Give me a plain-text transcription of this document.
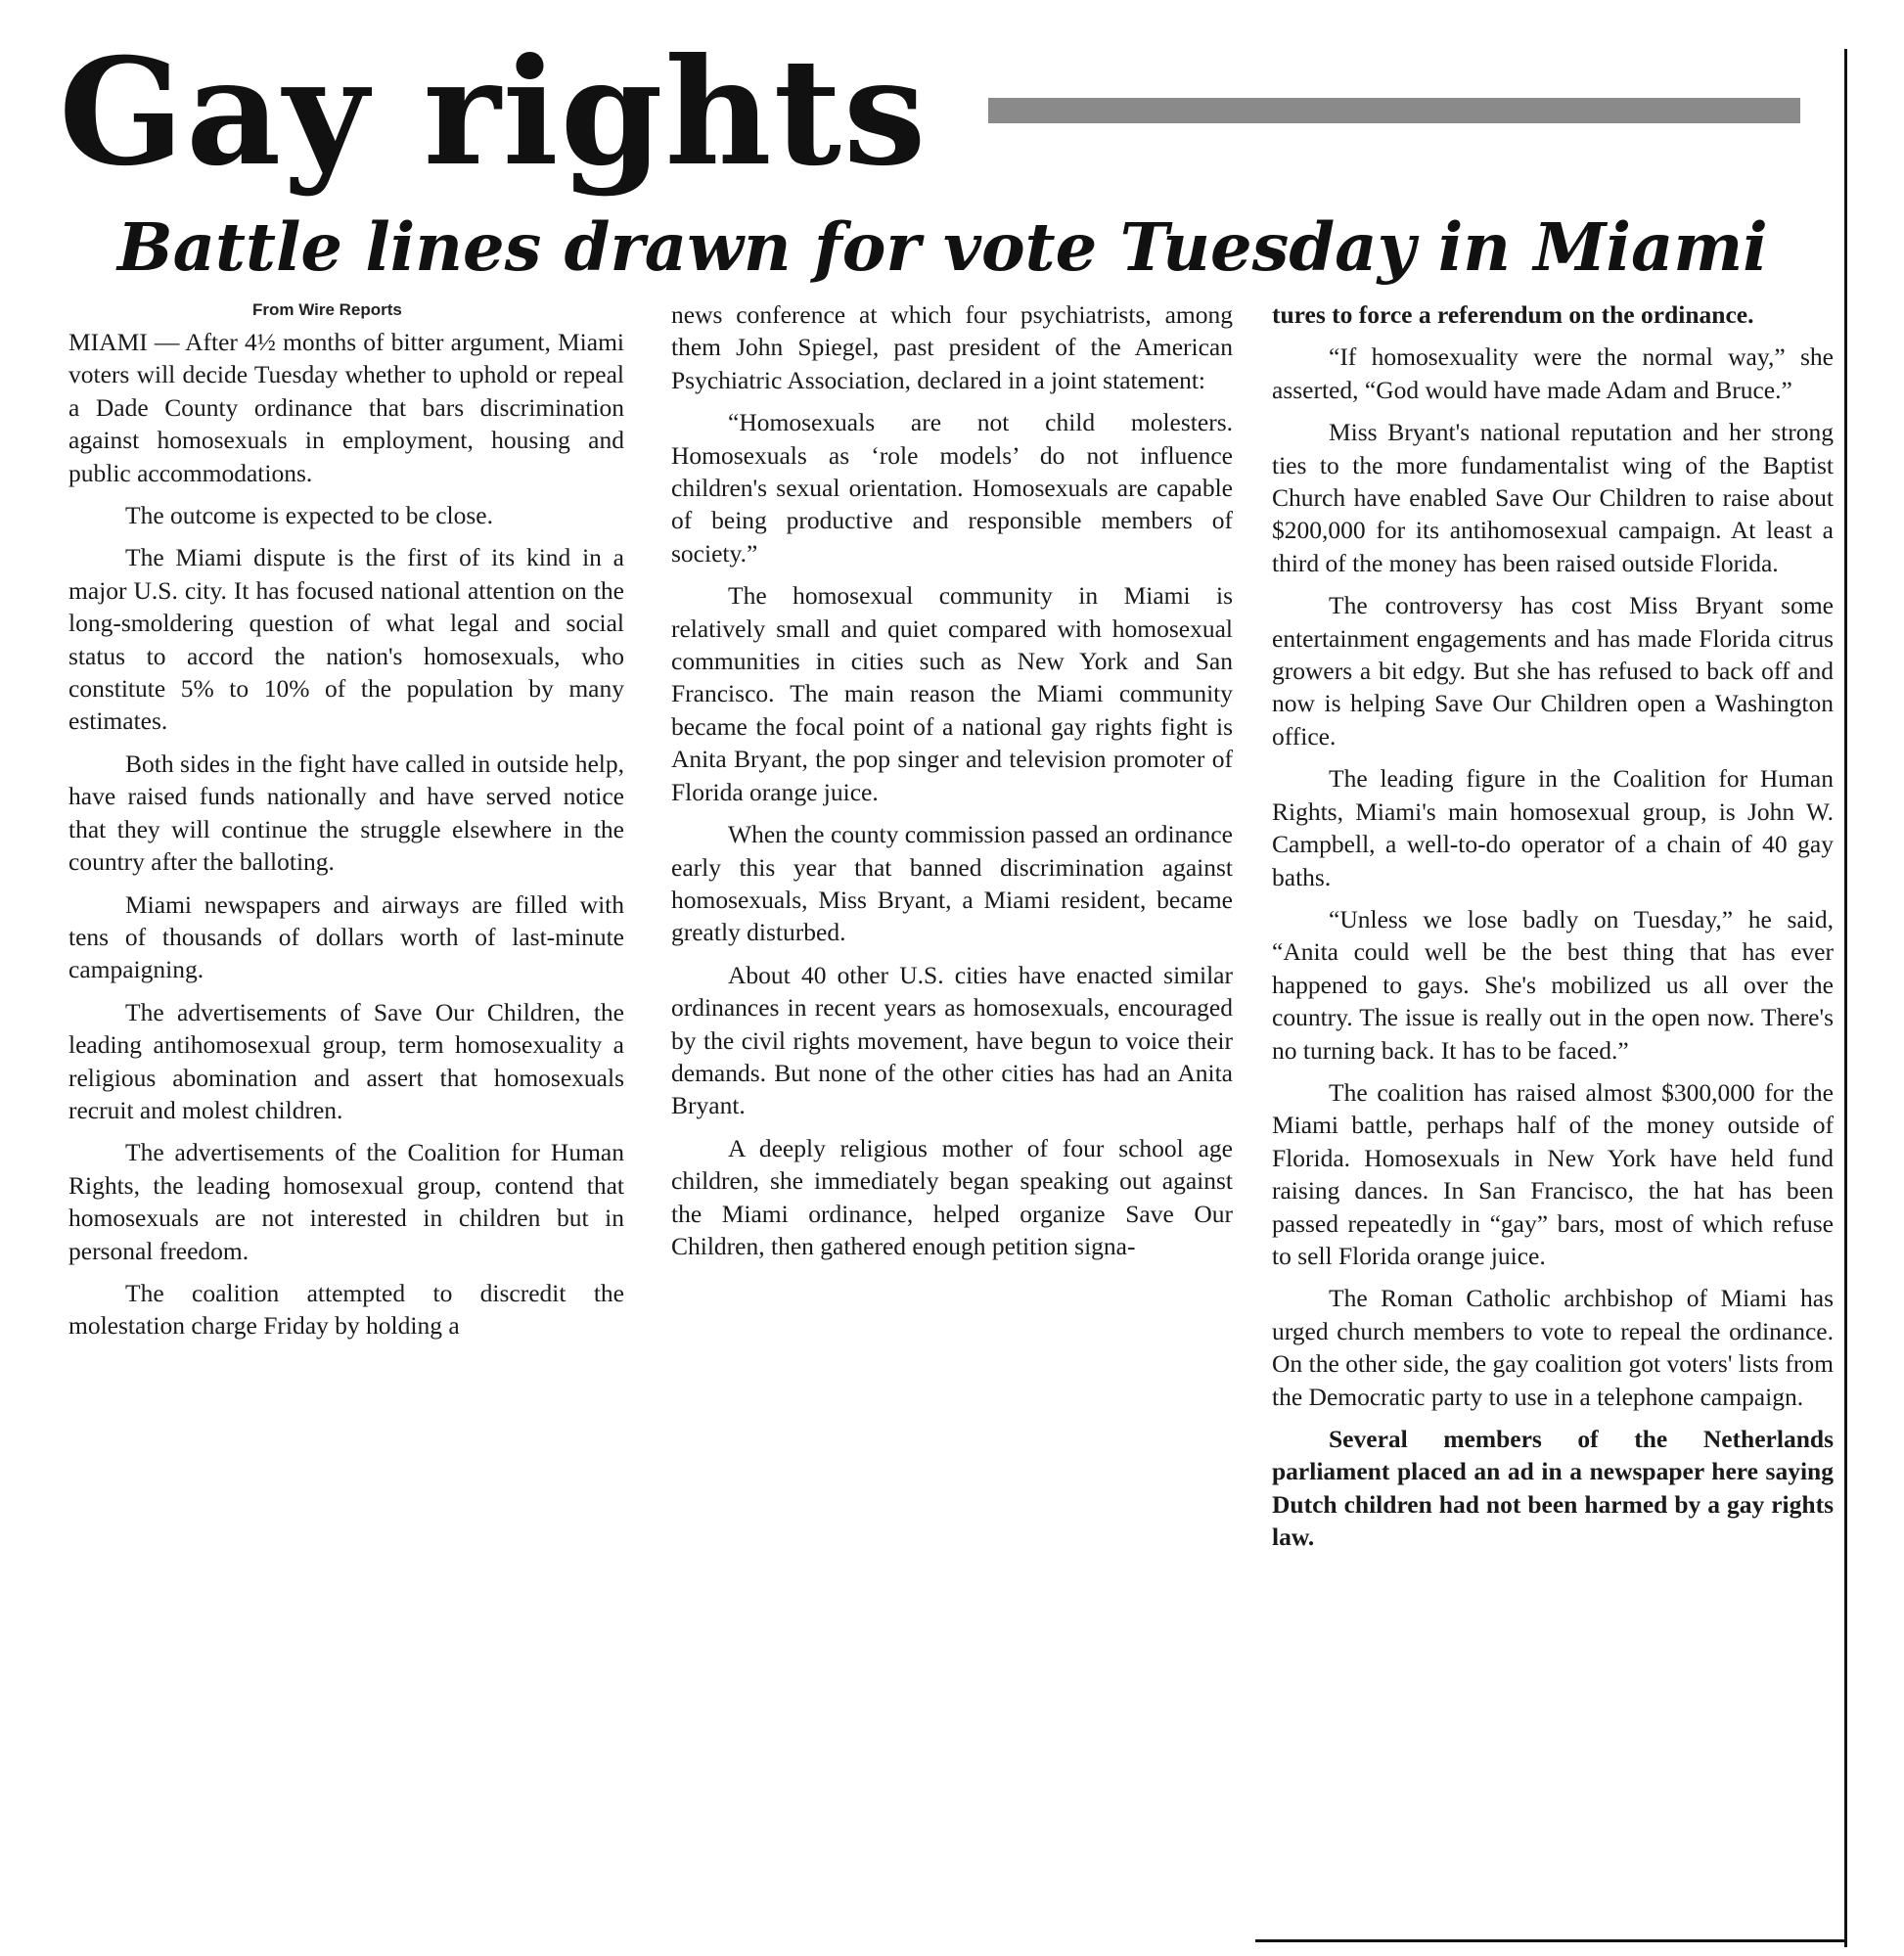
Gay rights
Battle lines drawn for vote Tuesday in Miami
From Wire Reports

MIAMI — After 4½ months of bitter argument, Miami voters will decide Tuesday whether to uphold or repeal a Dade County ordinance that bars discrimination against homosexuals in employment, housing and public accommodations.

The outcome is expected to be close.

The Miami dispute is the first of its kind in a major U.S. city. It has focused national attention on the long-smoldering question of what legal and social status to accord the nation's homosexuals, who constitute 5% to 10% of the population by many estimates.

Both sides in the fight have called in outside help, have raised funds nationally and have served notice that they will continue the struggle elsewhere in the country after the balloting.

Miami newspapers and airways are filled with tens of thousands of dollars worth of last-minute campaigning.

The advertisements of Save Our Children, the leading antihomosexual group, term homosexuality a religious abomination and assert that homosexuals recruit and molest children.

The advertisements of the Coalition for Human Rights, the leading homosexual group, contend that homosexuals are not interested in children but in personal freedom.

The coalition attempted to discredit the molestation charge Friday by holding a

news conference at which four psychiatrists, among them John Spiegel, past president of the American Psychiatric Association, declared in a joint statement:

“Homosexuals are not child molesters. Homosexuals as ‘role models’ do not influence children's sexual orientation. Homosexuals are capable of being productive and responsible members of society.”

The homosexual community in Miami is relatively small and quiet compared with homosexual communities in cities such as New York and San Francisco. The main reason the Miami community became the focal point of a national gay rights fight is Anita Bryant, the pop singer and television promoter of Florida orange juice.

When the county commission passed an ordinance early this year that banned discrimination against homosexuals, Miss Bryant, a Miami resident, became greatly disturbed.

About 40 other U.S. cities have enacted similar ordinances in recent years as homosexuals, encouraged by the civil rights movement, have begun to voice their demands. But none of the other cities has had an Anita Bryant.

A deeply religious mother of four school age children, she immediately began speaking out against the Miami ordinance, helped organize Save Our Children, then gathered enough petition signa-

tures to force a referendum on the ordinance.

“If homosexuality were the normal way,” she asserted, “God would have made Adam and Bruce.”

Miss Bryant's national reputation and her strong ties to the more fundamentalist wing of the Baptist Church have enabled Save Our Children to raise about $200,000 for its antihomosexual campaign. At least a third of the money has been raised outside Florida.

The controversy has cost Miss Bryant some entertainment engagements and has made Florida citrus growers a bit edgy. But she has refused to back off and now is helping Save Our Children open a Washington office.

The leading figure in the Coalition for Human Rights, Miami's main homosexual group, is John W. Campbell, a well-to-do operator of a chain of 40 gay baths.

“Unless we lose badly on Tuesday,” he said, “Anita could well be the best thing that has ever happened to gays. She's mobilized us all over the country. The issue is really out in the open now. There's no turning back. It has to be faced.”

The coalition has raised almost $300,000 for the Miami battle, perhaps half of the money outside of Florida. Homosexuals in New York have held fund raising dances. In San Francisco, the hat has been passed repeatedly in “gay” bars, most of which refuse to sell Florida orange juice.

The Roman Catholic archbishop of Miami has urged church members to vote to repeal the ordinance. On the other side, the gay coalition got voters' lists from the Democratic party to use in a telephone campaign.

Several members of the Netherlands parliament placed an ad in a newspaper here saying Dutch children had not been harmed by a gay rights law.
